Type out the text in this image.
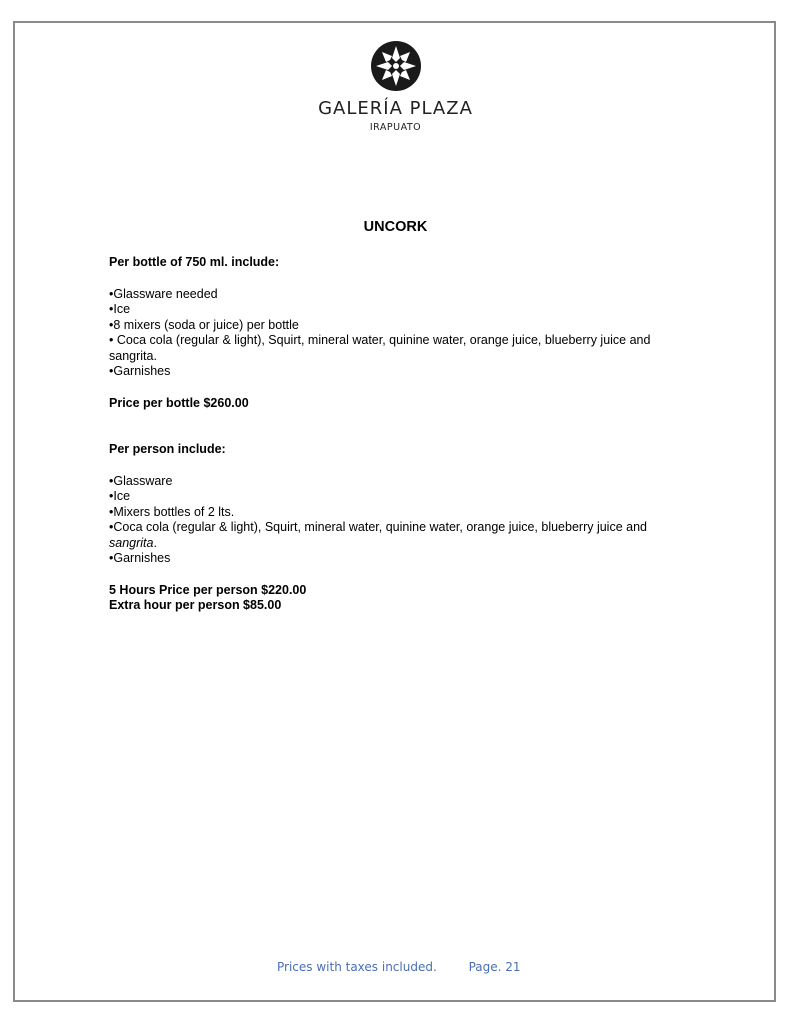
GALERÍA PLAZA
IRAPUATO
UNCORK

Per bottle of 750 ml. include:

•Glassware needed

•Ice

•8 mixers (soda or juice) per bottle

• Coca cola (regular & light), Squirt, mineral water, quinine water, orange juice, blueberry juice and

sangrita.

•Garnishes

Price per bottle $260.00

Per person include:

•Glassware

•Ice

•Mixers bottles of 2 lts.

•Coca cola (regular & light), Squirt, mineral water, quinine water, orange juice, blueberry juice and

sangrita.

•Garnishes

5 Hours Price per person $220.00

Extra hour per person $85.00

Prices with taxes included.	Page. 21
